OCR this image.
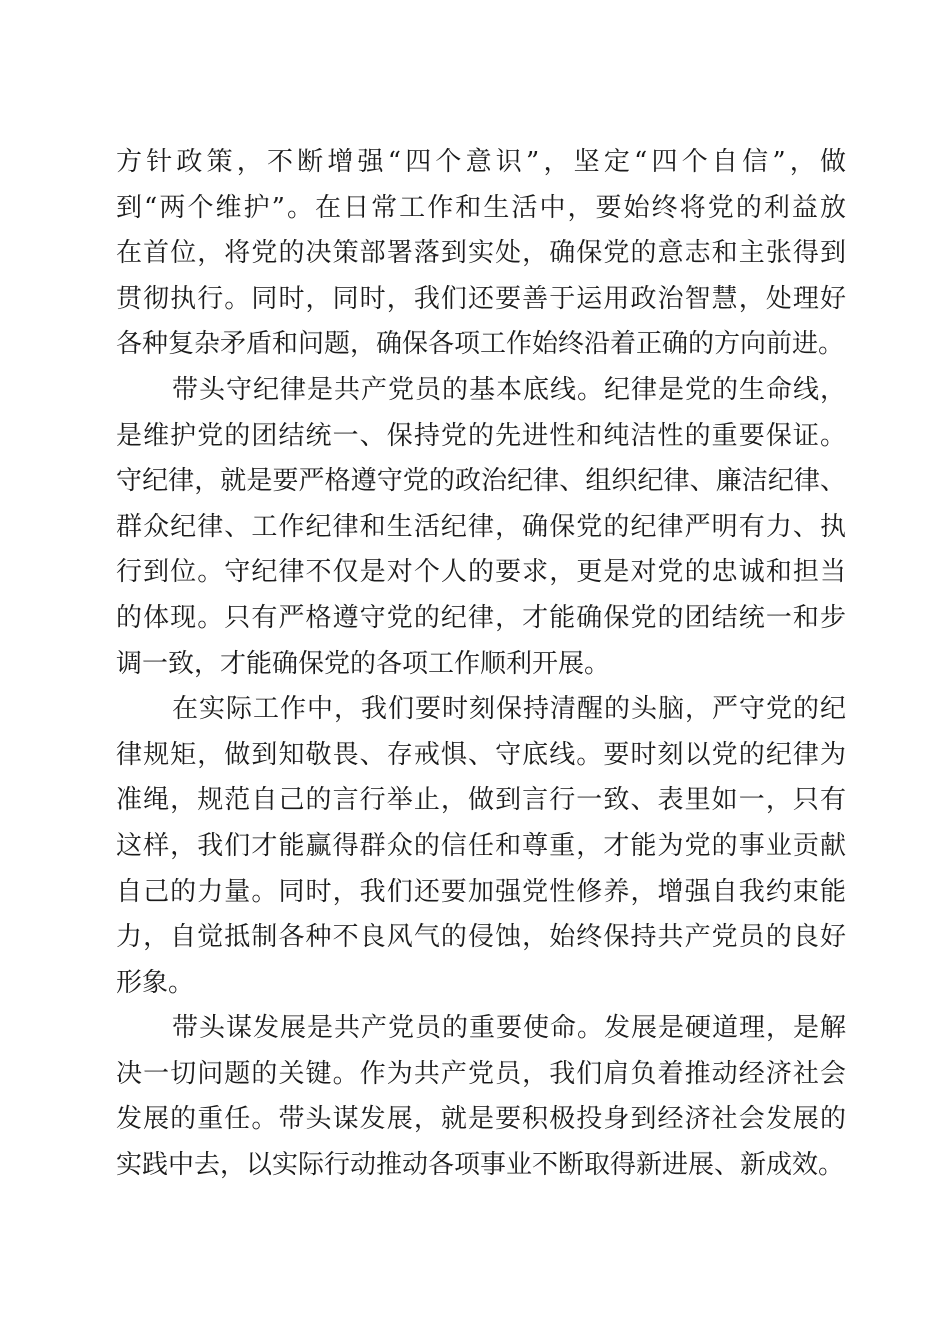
方针政策，不断增强“四个意识”，坚定“四个自信”，做
到“两个维护”。在日常工作和生活中，要始终将党的利益放
在首位，将党的决策部署落到实处，确保党的意志和主张得到
贯彻执行。同时，同时，我们还要善于运用政治智慧，处理好
各种复杂矛盾和问题，确保各项工作始终沿着正确的方向前进。
带头守纪律是共产党员的基本底线。纪律是党的生命线，
是维护党的团结统一、保持党的先进性和纯洁性的重要保证。
守纪律，就是要严格遵守党的政治纪律、组织纪律、廉洁纪律、
群众纪律、工作纪律和生活纪律，确保党的纪律严明有力、执
行到位。守纪律不仅是对个人的要求，更是对党的忠诚和担当
的体现。只有严格遵守党的纪律，才能确保党的团结统一和步
调一致，才能确保党的各项工作顺利开展。
在实际工作中，我们要时刻保持清醒的头脑，严守党的纪
律规矩，做到知敬畏、存戒惧、守底线。要时刻以党的纪律为
准绳，规范自己的言行举止，做到言行一致、表里如一，只有
这样，我们才能赢得群众的信任和尊重，才能为党的事业贡献
自己的力量。同时，我们还要加强党性修养，增强自我约束能
力，自觉抵制各种不良风气的侵蚀，始终保持共产党员的良好
形象。
带头谋发展是共产党员的重要使命。发展是硬道理，是解
决一切问题的关键。作为共产党员，我们肩负着推动经济社会
发展的重任。带头谋发展，就是要积极投身到经济社会发展的
实践中去，以实际行动推动各项事业不断取得新进展、新成效。
